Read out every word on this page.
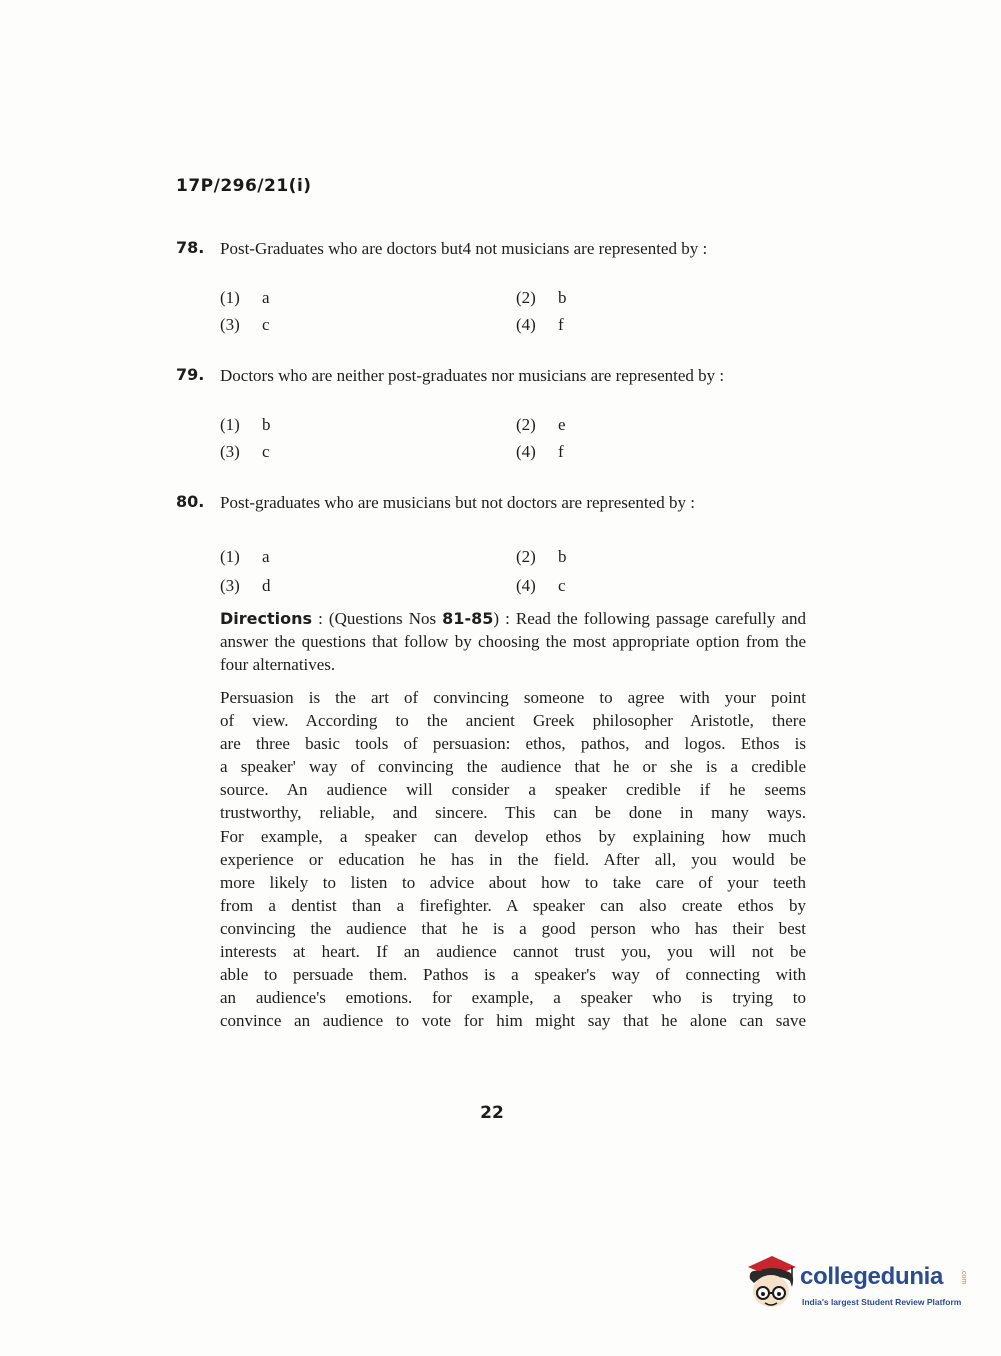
17P/296/21(i)
78. Post-Graduates who are doctors but4 not musicians are represented by :
(1) a	(2) b
(3) c	(4) f
79. Doctors who are neither post-graduates nor musicians are represented by :
(1) b	(2) e
(3) c	(4) f
80. Post-graduates who are musicians but not doctors are represented by :
(1) a	(2) b
(3) d	(4) c
Directions : (Questions Nos 81-85) : Read the following passage carefully and answer the questions that follow by choosing the most appropriate option from the four alternatives.
Persuasion is the art of convincing someone to agree with your point
of view. According to the ancient Greek philosopher Aristotle, there
are three basic tools of persuasion: ethos, pathos, and logos. Ethos is
a speaker' way of convincing the audience that he or she is a credible
source. An audience will consider a speaker credible if he seems
trustworthy, reliable, and sincere. This can be done in many ways.
For example, a speaker can develop ethos by explaining how much
experience or education he has in the field. After all, you would be
more likely to listen to advice about how to take care of your teeth
from a dentist than a firefighter. A speaker can also create ethos by
convincing the audience that he is a good person who has their best
interests at heart. If an audience cannot trust you, you will not be
able to persuade them. Pathos is a speaker's way of connecting with
an audience's emotions. for example, a speaker who is trying to
convince an audience to vote for him might say that he alone can save
22
collegedunia .com
India's largest Student Review Platform
